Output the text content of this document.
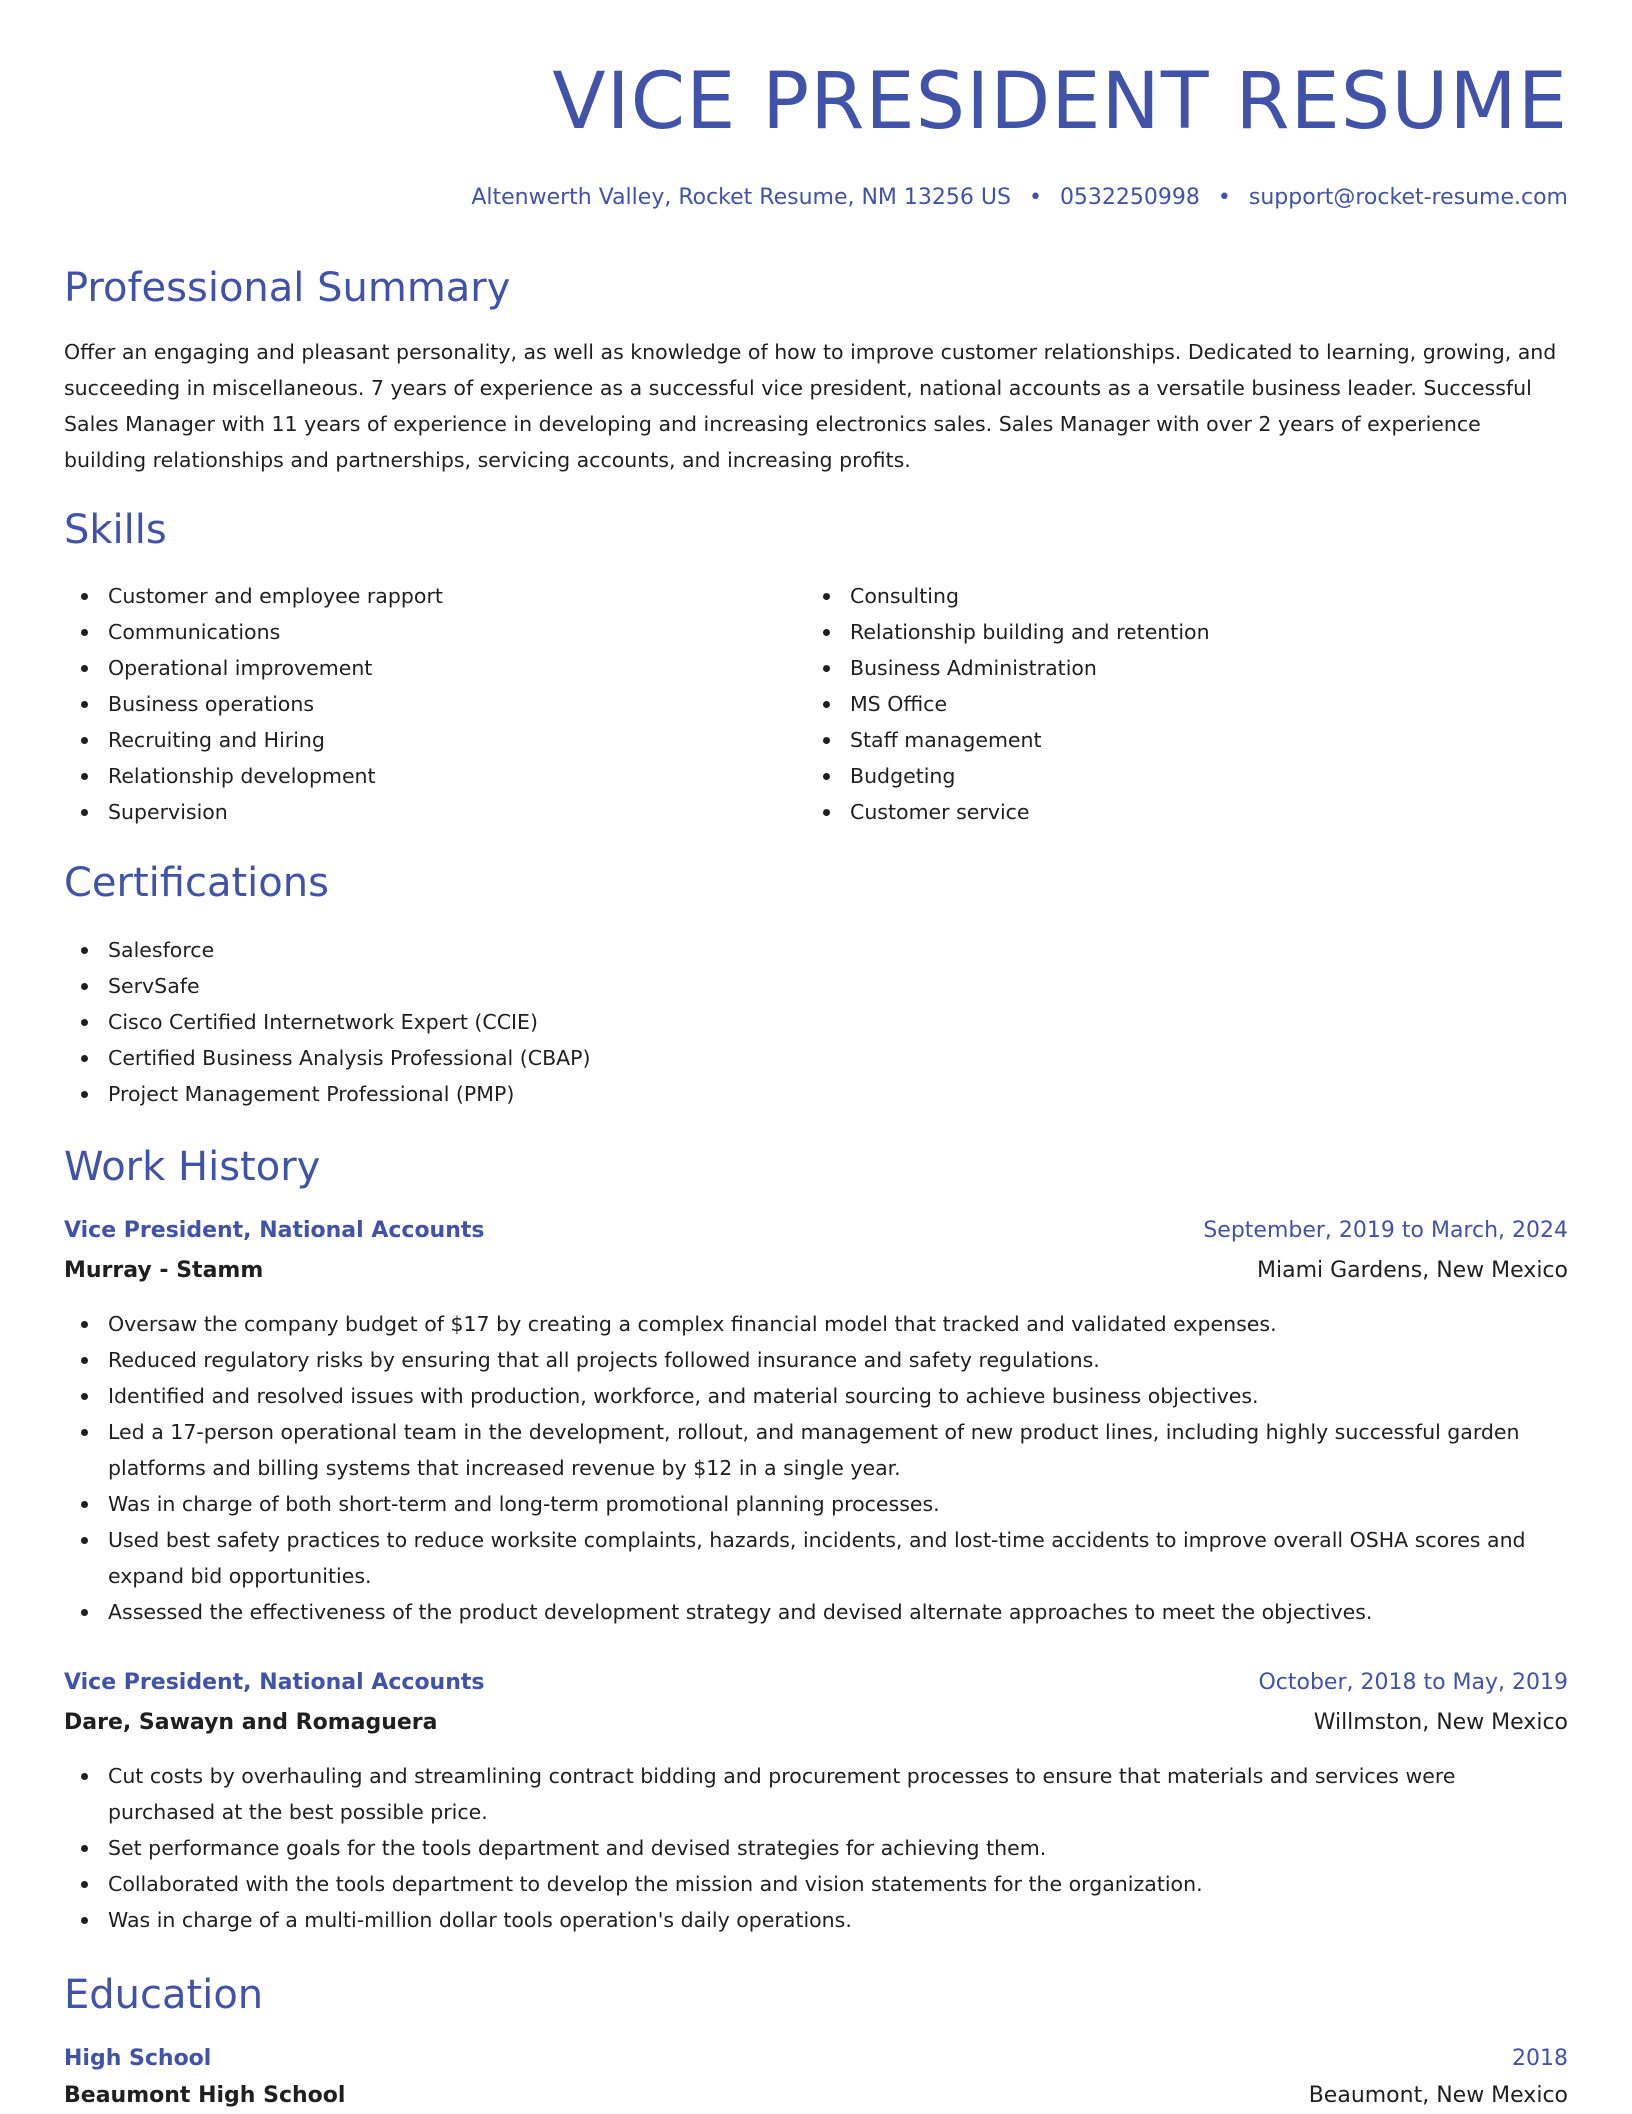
VICE PRESIDENT RESUME
Altenwerth Valley, Rocket Resume, NM 13256 US • 0532250998 • support@rocket-resume.com
Professional Summary

Offer an engaging and pleasant personality, as well as knowledge of how to improve customer relationships. Dedicated to learning, growing, and succeeding in miscellaneous. 7 years of experience as a successful vice president, national accounts as a versatile business leader. Successful Sales Manager with 11 years of experience in developing and increasing electronics sales. Sales Manager with over 2 years of experience building relationships and partnerships, servicing accounts, and increasing profits.

Skills
Customer and employee rapport
Communications
Operational improvement
Business operations
Recruiting and Hiring
Relationship development
Supervision
Consulting
Relationship building and retention
Business Administration
MS Office
Staff management
Budgeting
Customer service
Certifications
Salesforce
ServSafe
Cisco Certified Internetwork Expert (CCIE)
Certified Business Analysis Professional (CBAP)
Project Management Professional (PMP)
Work History
Vice President, National Accounts	September, 2019 to March, 2024
Murray - Stamm	Miami Gardens, New Mexico
Oversaw the company budget of $17 by creating a complex financial model that tracked and validated expenses.
Reduced regulatory risks by ensuring that all projects followed insurance and safety regulations.
Identified and resolved issues with production, workforce, and material sourcing to achieve business objectives.
Led a 17-person operational team in the development, rollout, and management of new product lines, including highly successful garden platforms and billing systems that increased revenue by $12 in a single year.
Was in charge of both short-term and long-term promotional planning processes.
Used best safety practices to reduce worksite complaints, hazards, incidents, and lost-time accidents to improve overall OSHA scores and expand bid opportunities.
Assessed the effectiveness of the product development strategy and devised alternate approaches to meet the objectives.
Vice President, National Accounts	October, 2018 to May, 2019
Dare, Sawayn and Romaguera	Willmston, New Mexico
Cut costs by overhauling and streamlining contract bidding and procurement processes to ensure that materials and services were purchased at the best possible price.
Set performance goals for the tools department and devised strategies for achieving them.
Collaborated with the tools department to develop the mission and vision statements for the organization.
Was in charge of a multi-million dollar tools operation's daily operations.
Education
High School	2018
Beaumont High School	Beaumont, New Mexico
